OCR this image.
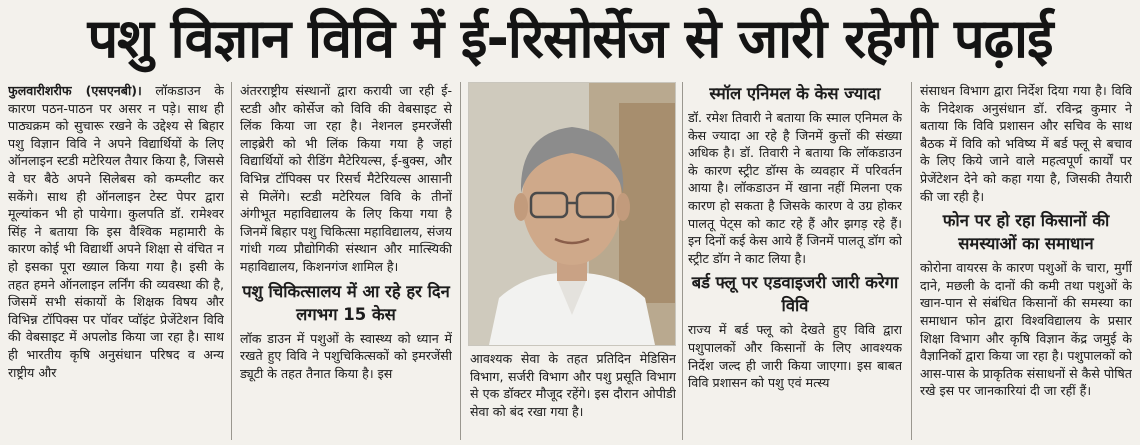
पशु विज्ञान विवि में ई-रिसोर्सेज से जारी रहेगी पढ़ाई

फुलवारीशरीफ (एसएनबी)। लॉकडाउन के कारण पठन-पाठन पर असर न पड़े। साथ ही पाठ्यक्रम को सुचारू रखने के उद्देश्य से बिहार पशु विज्ञान विवि ने अपने विद्यार्थियों के लिए ऑनलाइन स्टडी मटेरियल तैयार किया है, जिससे वे घर बैठे अपने सिलेबस को कम्प्लीट कर सकेंगे। साथ ही ऑनलाइन टेस्ट पेपर द्वारा मूल्यांकन भी हो पायेगा। कुलपति डॉ. रामेश्वर सिंह ने बताया कि इस वैश्विक महामारी के कारण कोई भी विद्यार्थी अपने शिक्षा से वंचित न हो इसका पूरा ख्याल किया गया है। इसी के तहत हमने ऑनलाइन लर्निंग की व्यवस्था की है, जिसमें सभी संकायों के शिक्षक विषय और विभिन्न टॉपिक्स पर पॉवर प्वॉइंट प्रेजेंटेशन विवि की वेबसाइट में अपलोड किया जा रहा है। साथ ही भारतीय कृषि अनुसंधान परिषद व अन्य राष्ट्रीय और

अंतरराष्ट्रीय संस्थानों द्वारा करायी जा रही ई-स्टडी और कोर्सेज को विवि की वेबसाइट से लिंक किया जा रहा है। नेशनल इमरजेंसी लाइब्रेरी को भी लिंक किया गया है जहां विद्यार्थियों को रीडिंग मैटेरियल्स, ई-बुक्स, और विभिन्न टॉपिक्स पर रिसर्च मैटेरियल्स आसानी से मिलेंगे। स्टडी मटेरियल विवि के तीनों अंगीभूत महाविद्यालय के लिए किया गया है जिनमें बिहार पशु चिकित्सा महाविद्यालय, संजय गांधी गव्य प्रौद्योगिकी संस्थान और मात्स्यिकी महाविद्यालय, किशनगंज शामिल है।

पशु चिकित्सालय में आ रहे हर दिन लगभग 15 केस

लॉक डाउन में पशुओं के स्वास्थ्य को ध्यान में रखते हुए विवि ने पशुचिकित्सकों को इमरजेंसी ड्यूटी के तहत तैनात किया है। इस

आवश्यक सेवा के तहत प्रतिदिन मेडिसिन विभाग, सर्जरी विभाग और पशु प्रसूति विभाग से एक डॉक्टर मौजूद रहेंगे। इस दौरान ओपीडी सेवा को बंद रखा गया है।
स्मॉल एनिमल के केस ज्यादा

डॉ. रमेश तिवारी ने बताया कि स्माल एनिमल के केस ज्यादा आ रहे है जिनमें कुत्तों की संख्या अधिक है। डॉ. तिवारी ने बताया कि लॉकडाउन के कारण स्ट्रीट डॉग्स के व्यवहार में परिवर्तन आया है। लॉकडाउन में खाना नहीं मिलना एक कारण हो सकता है जिसके कारण वे उग्र होकर पालतू पेट्स को काट रहे हैं और झगड़ रहे हैं। इन दिनों कई केस आये हैं जिनमें पालतू डॉग को स्ट्रीट डॉग ने काट लिया है।

बर्ड फ्लू पर एडवाइजरी जारी करेगा विवि

राज्य में बर्ड फ्लू को देखते हुए विवि द्वारा पशुपालकों और किसानों के लिए आवश्यक निर्देश जल्द ही जारी किया जाएगा। इस बाबत विवि प्रशासन को पशु एवं मत्स्य

संसाधन विभाग द्वारा निर्देश दिया गया है। विवि के निदेशक अनुसंधान डॉ. रविन्द्र कुमार ने बताया कि विवि प्रशासन और सचिव के साथ बैठक में विवि को भविष्य में बर्ड फ्लू से बचाव के लिए किये जाने वाले महत्वपूर्ण कार्यों पर प्रेजेंटेशन देने को कहा गया है, जिसकी तैयारी की जा रही है।

फोन पर हो रहा किसानों की समस्याओं का समाधान

कोरोना वायरस के कारण पशुओं के चारा, मुर्गी दाने, मछली के दानों की कमी तथा पशुओं के खान-पान से संबंधित किसानों की समस्या का समाधान फोन द्वारा विश्वविद्यालय के प्रसार शिक्षा विभाग और कृषि विज्ञान केंद्र जमुई के वैज्ञानिकों द्वारा किया जा रहा है। पशुपालकों को आस-पास के प्राकृतिक संसाधनों से कैसे पोषित रखे इस पर जानकारियां दी जा रहीं हैं।
